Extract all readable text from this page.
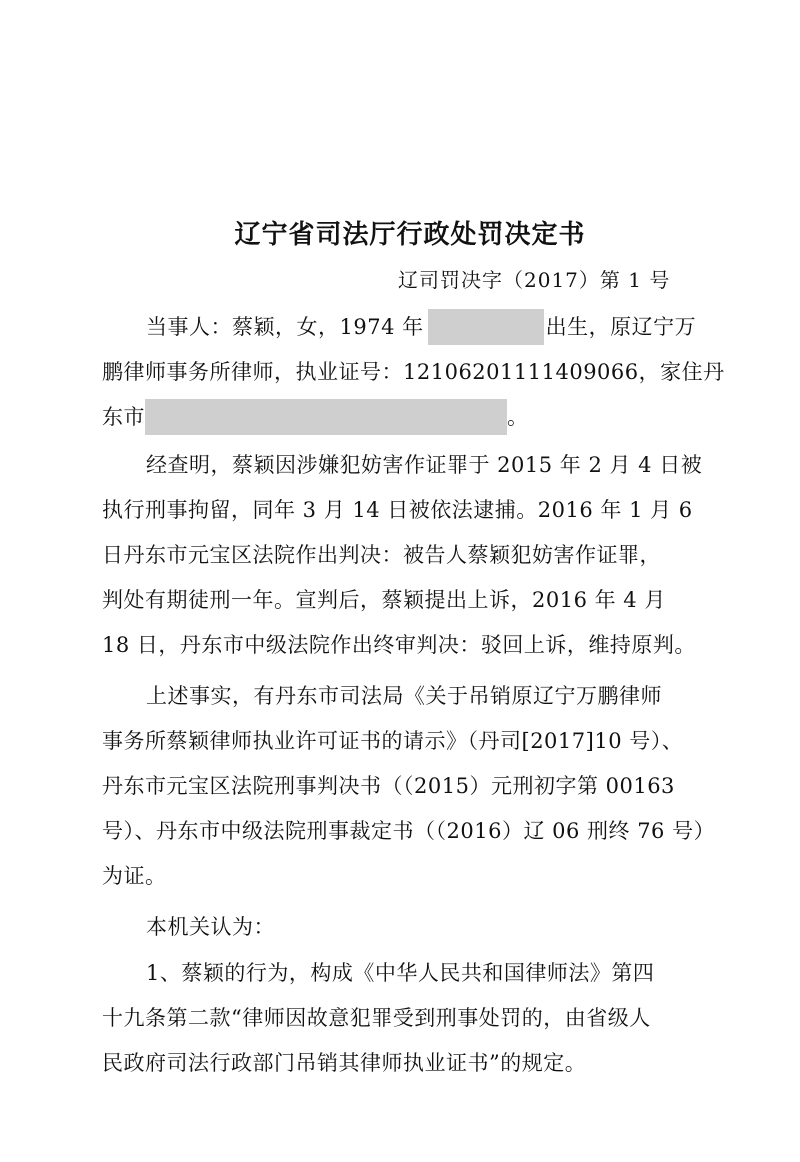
辽宁省司法厅行政处罚决定书
辽司罚决字（2017）第 1 号
当事人：蔡颖，女，1974 年	出生，原辽宁万
鹏律师事务所律师，执业证号：12106201111409066，家住丹
东市	。
经查明，蔡颖因涉嫌犯妨害作证罪于 2015 年 2 月 4 日被
执行刑事拘留，同年 3 月 14 日被依法逮捕。2016 年 1 月 6
日丹东市元宝区法院作出判决：被告人蔡颖犯妨害作证罪，
判处有期徒刑一年。宣判后，蔡颖提出上诉，2016 年 4 月
18 日，丹东市中级法院作出终审判决：驳回上诉，维持原判。
上述事实，有丹东市司法局《关于吊销原辽宁万鹏律师
事务所蔡颖律师执业许可证书的请示》（丹司[2017]10 号）、
丹东市元宝区法院刑事判决书（（2015）元刑初字第 00163
号）、丹东市中级法院刑事裁定书（（2016）辽 06 刑终 76 号）
为证。
本机关认为：
1、蔡颖的行为，构成《中华人民共和国律师法》第四
十九条第二款“律师因故意犯罪受到刑事处罚的，由省级人
民政府司法行政部门吊销其律师执业证书”的规定。
